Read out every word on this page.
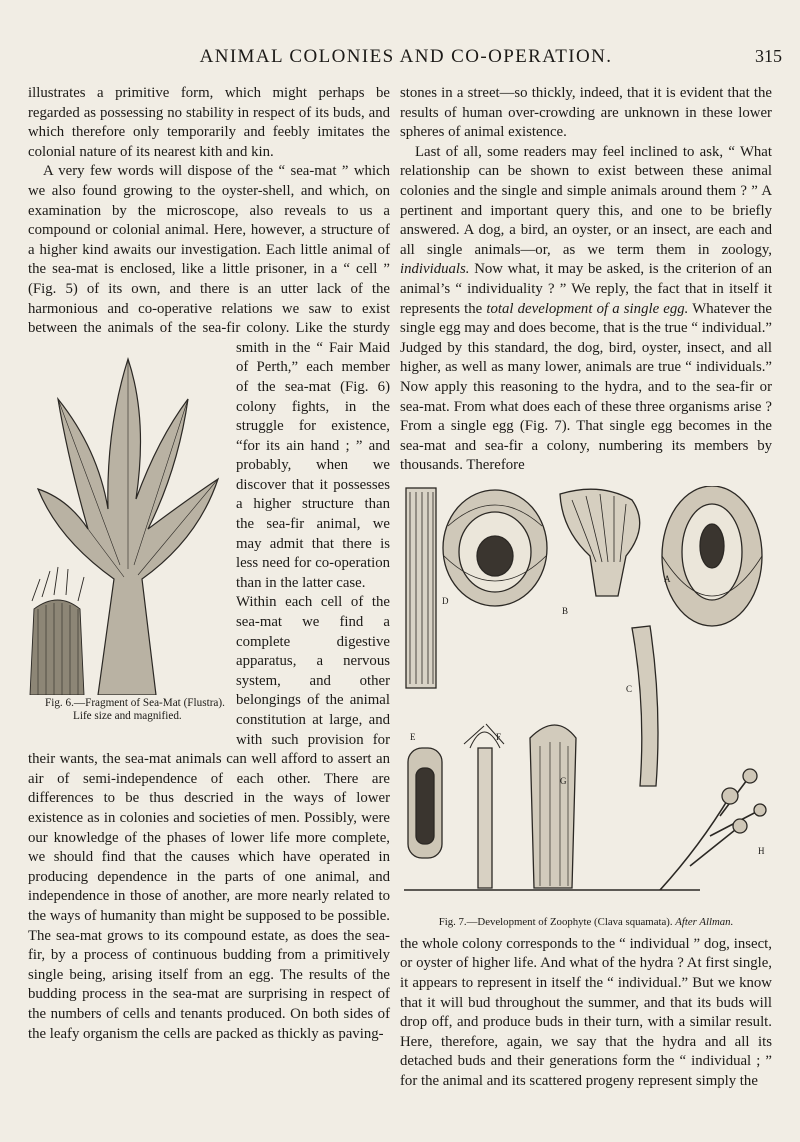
ANIMAL COLONIES AND CO-OPERATION.	315

illustrates a primitive form, which might perhaps be regarded as possessing no stability in respect of its buds, and which therefore only temporarily and feebly imitates the colonial nature of its nearest kith and kin.

A very few words will dispose of the “ sea-mat ” which we also found growing to the oyster-shell, and which, on examination by the microscope, also reveals to us a compound or colonial animal. Here, however, a structure of a higher kind awaits our investigation. Each little animal of the sea-mat is enclosed, like a little prisoner, in a “ cell ” (Fig. 5) of its own, and there is an utter lack of the harmonious and co-operative relations we saw to exist between the animals of the sea-fir colony. Like the sturdy smith
Fig. 6.—Fragment of Sea-Mat (Flustra).
Life size and magnified.
in the “ Fair Maid of Perth,” each member of the sea-mat (Fig. 6) colony fights, in the struggle for existence, “for its ain hand ; ” and probably, when we discover that it possesses a higher structure than the sea-fir animal, we may admit that there is less need for co-operation than in the latter case.

Within each cell of the sea-mat we find a complete digestive apparatus, a nervous system, and other belongings of the animal constitution at large, and with such provision for their wants, the sea-mat animals can well afford to assert an air of semi-independence of each other. There are differences to be thus descried in the ways of lower existence as in colonies and societies of men. Possibly, were our knowledge of the phases of lower life more complete, we should find that the causes which have operated in producing dependence in the parts of one animal, and independence in those of another, are more nearly related to the ways of humanity than might be supposed to be possible. The sea-mat grows to its compound estate, as does the sea-fir, by a process of continuous budding from a primitively single being, arising itself from an egg. The results of the budding process in the sea-mat are surprising in respect of the numbers of cells and tenants produced. On both sides of the leafy organism the cells are packed as thickly as paving-

stones in a street—so thickly, indeed, that it is evident that the results of human over-crowding are unknown in these lower spheres of animal existence.

Last of all, some readers may feel inclined to ask, “ What relationship can be shown to exist between these animal colonies and the single and simple animals around them ? ” A pertinent and important query this, and one to be briefly answered. A dog, a bird, an oyster, or an insect, are each and all single animals—or, as we term them in zoology, individuals. Now what, it may be asked, is the criterion of an animal’s “ individuality ? ” We reply, the fact that in itself it represents the total development of a single egg. Whatever the single egg may and does become, that is the true “ individual.” Judged by this standard, the dog, bird, oyster, insect, and all higher, as well as many lower, animals are true “ individuals.” Now apply this reasoning to the hydra, and to the sea-fir or sea-mat. From what does each of these three organisms arise ? From a single egg (Fig. 7). That single egg becomes in the sea-mat and sea-fir a colony, numbering its members by thousands. Therefore

A
B
C
D
E	F
G
H
Fig. 7.—Development of Zoophyte (Clava squamata). After Allman.

the whole colony corresponds to the “ individual ” dog, insect, or oyster of higher life. And what of the hydra ? At first single, it appears to represent in itself the “ individual.” But we know that it will bud throughout the summer, and that its buds will drop off, and produce buds in their turn, with a similar result. Here, therefore, again, we say that the hydra and all its detached buds and their generations form the “ individual ; ” for the animal and its scattered progeny represent simply the
